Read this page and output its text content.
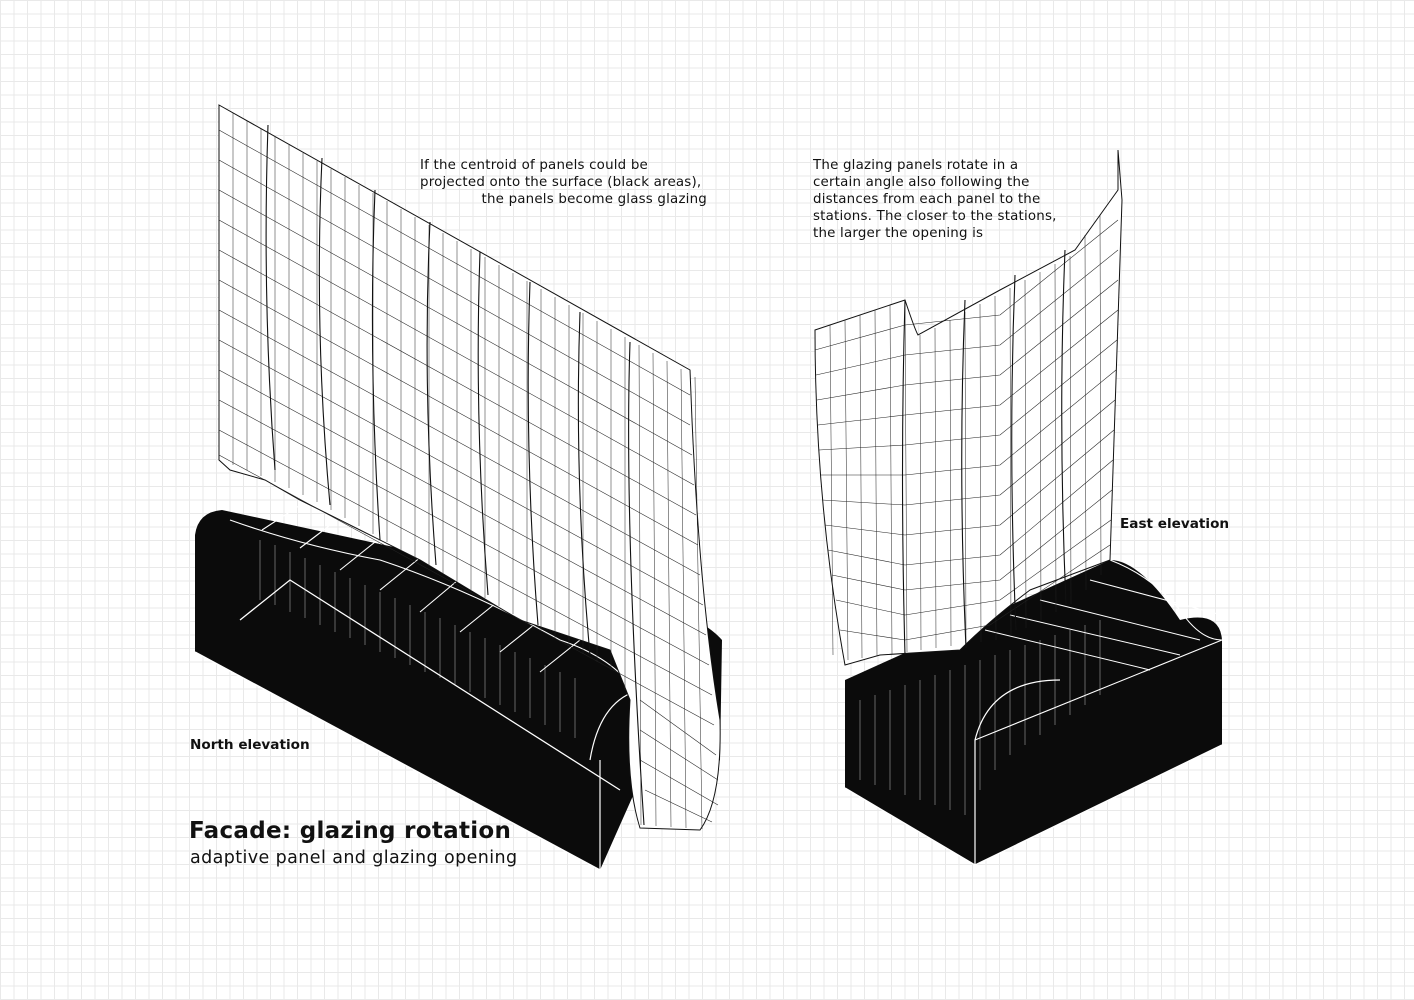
If the centroid of panels could be
projected onto the surface (black areas),

the panels become glass glazing
The glazing panels rotate in a
certain angle also following the
distances from each panel to the
stations. The closer to the stations,
the larger the opening is
North elevation
East elevation
Facade: glazing rotation
adaptive panel and glazing opening
